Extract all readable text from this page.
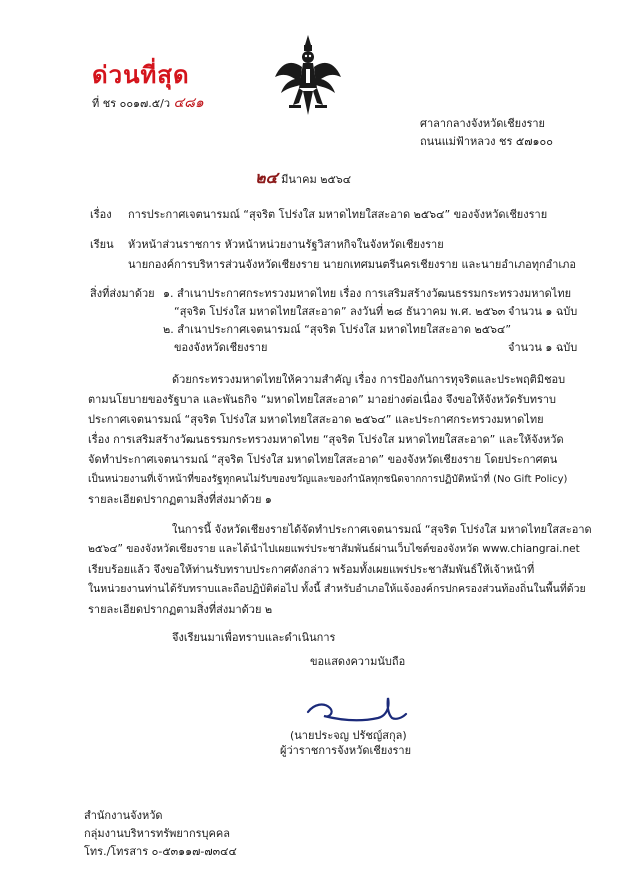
ด่วนที่สุด
ที่ ชร ๐๐๑๗.๕/ว ๔๘๑
ศาลากลางจังหวัดเชียงราย
ถนนแม่ฟ้าหลวง ชร ๕๗๑๐๐
๒๔ มีนาคม ๒๕๖๔
เรื่อง การประกาศเจตนารมณ์ “สุจริต โปร่งใส มหาดไทยใสสะอาด ๒๕๖๔” ของจังหวัดเชียงราย
เรียน หัวหน้าส่วนราชการ หัวหน้าหน่วยงานรัฐวิสาหกิจในจังหวัดเชียงราย
นายกองค์การบริหารส่วนจังหวัดเชียงราย นายกเทศมนตรีนครเชียงราย และนายอำเภอทุกอำเภอ
สิ่งที่ส่งมาด้วย ๑. สำเนาประกาศกระทรวงมหาดไทย เรื่อง การเสริมสร้างวัฒนธรรมกระทรวงมหาดไทย
“สุจริต โปร่งใส มหาดไทยใสสะอาด” ลงวันที่ ๒๘ ธันวาคม พ.ศ. ๒๕๖๓ จำนวน ๑ ฉบับ
๒. สำเนาประกาศเจตนารมณ์ “สุจริต โปร่งใส มหาดไทยใสสะอาด ๒๕๖๔”
ของจังหวัดเชียงราย	จำนวน ๑ ฉบับ
ด้วยกระทรวงมหาดไทยให้ความสำคัญ เรื่อง การป้องกันการทุจริตและประพฤติมิชอบ
ตามนโยบายของรัฐบาล และพันธกิจ “มหาดไทยใสสะอาด” มาอย่างต่อเนื่อง จึงขอให้จังหวัดรับทราบ
ประกาศเจตนารมณ์ “สุจริต โปร่งใส มหาดไทยใสสะอาด ๒๕๖๔” และประกาศกระทรวงมหาดไทย
เรื่อง การเสริมสร้างวัฒนธรรมกระทรวงมหาดไทย “สุจริต โปร่งใส มหาดไทยใสสะอาด” และให้จังหวัด
จัดทำประกาศเจตนารมณ์ “สุจริต โปร่งใส มหาดไทยใสสะอาด” ของจังหวัดเชียงราย โดยประกาศตน
เป็นหน่วยงานที่เจ้าหน้าที่ของรัฐทุกคนไม่รับของขวัญและของกำนัลทุกชนิดจากการปฏิบัติหน้าที่ (No Gift Policy)
รายละเอียดปรากฏตามสิ่งที่ส่งมาด้วย ๑
ในการนี้ จังหวัดเชียงรายได้จัดทำประกาศเจตนารมณ์ “สุจริต โปร่งใส มหาดไทยใสสะอาด
๒๕๖๔” ของจังหวัดเชียงราย และได้นำไปเผยแพร่ประชาสัมพันธ์ผ่านเว็บไซต์ของจังหวัด www.chiangrai.net
เรียบร้อยแล้ว จึงขอให้ท่านรับทราบประกาศดังกล่าว พร้อมทั้งเผยแพร่ประชาสัมพันธ์ให้เจ้าหน้าที่
ในหน่วยงานท่านได้รับทราบและถือปฏิบัติต่อไป ทั้งนี้ สำหรับอำเภอให้แจ้งองค์กรปกครองส่วนท้องถิ่นในพื้นที่ด้วย
รายละเอียดปรากฏตามสิ่งที่ส่งมาด้วย ๒
จึงเรียนมาเพื่อทราบและดำเนินการ
ขอแสดงความนับถือ
(นายประจญ ปรัชญ์สกุล)
ผู้ว่าราชการจังหวัดเชียงราย
สำนักงานจังหวัด
กลุ่มงานบริหารทรัพยากรบุคคล
โทร./โทรสาร ๐-๕๓๑๑๗-๗๓๔๔
